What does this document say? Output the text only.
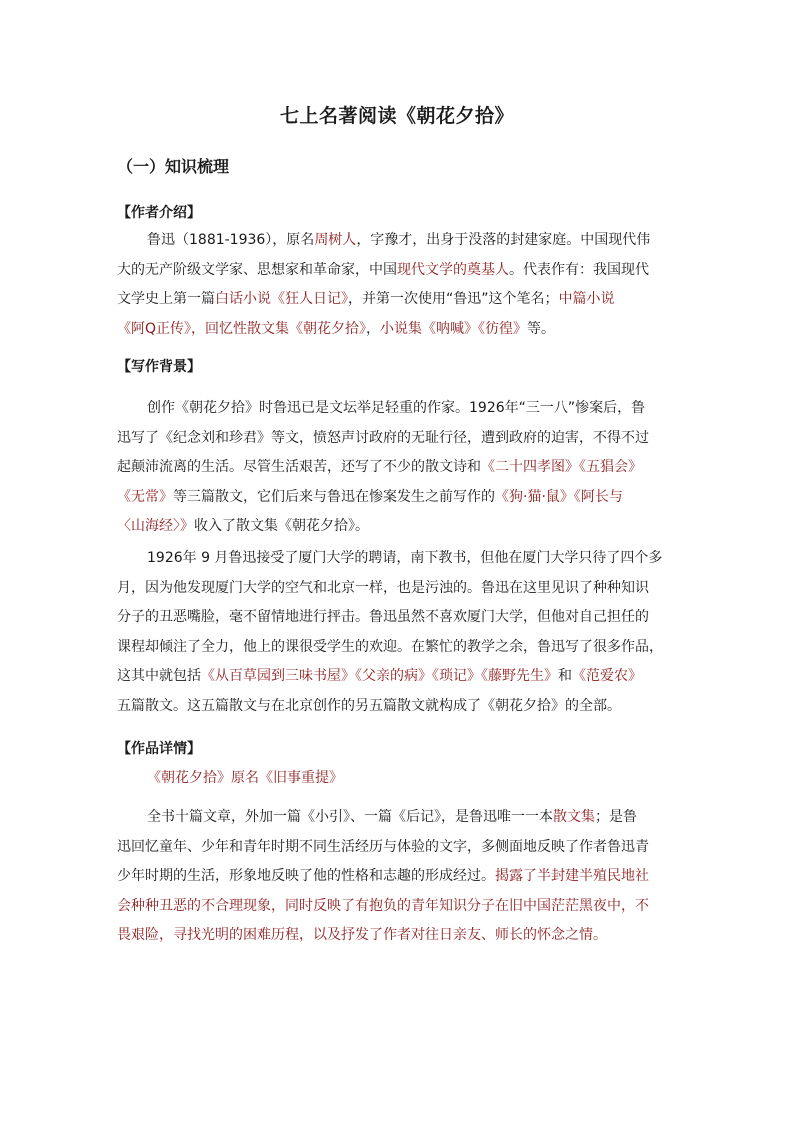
七上名著阅读《朝花夕拾》
（一）知识梳理
【作者介绍】

鲁迅（1881-1936），原名周树人，字豫才，出身于没落的封建家庭。中国现代伟
大的无产阶级文学家、思想家和革命家，中国现代文学的奠基人。代表作有：我国现代
文学史上第一篇白话小说《狂人日记》，并第一次使用“鲁迅”这个笔名；中篇小说
《阿Q正传》，回忆性散文集《朝花夕拾》，小说集《呐喊》《彷徨》等。

【写作背景】

创作《朝花夕拾》时鲁迅已是文坛举足轻重的作家。1926年“三一八”惨案后，鲁
迅写了《纪念刘和珍君》等文，愤怒声讨政府的无耻行径，遭到政府的迫害，不得不过
起颠沛流离的生活。尽管生活艰苦，还写了不少的散文诗和《二十四孝图》《五猖会》
《无常》等三篇散文，它们后来与鲁迅在惨案发生之前写作的《狗·猫·鼠》《阿长与
〈山海经〉》收入了散文集《朝花夕拾》。

1926年 9 月鲁迅接受了厦门大学的聘请，南下教书，但他在厦门大学只待了四个多
月，因为他发现厦门大学的空气和北京一样，也是污浊的。鲁迅在这里见识了种种知识
分子的丑恶嘴脸，毫不留情地进行抨击。鲁迅虽然不喜欢厦门大学，但他对自己担任的
课程却倾注了全力，他上的课很受学生的欢迎。在繁忙的教学之余，鲁迅写了很多作品，
这其中就包括《从百草园到三味书屋》《父亲的病》《琐记》《藤野先生》和《范爱农》
五篇散文。这五篇散文与在北京创作的另五篇散文就构成了《朝花夕拾》的全部。

【作品详情】
《朝花夕拾》原名《旧事重提》

全书十篇文章，外加一篇《小引》、一篇《后记》，是鲁迅唯一一本散文集；是鲁
迅回忆童年、少年和青年时期不同生活经历与体验的文字，多侧面地反映了作者鲁迅青
少年时期的生活，形象地反映了他的性格和志趣的形成经过。揭露了半封建半殖民地社
会种种丑恶的不合理现象，同时反映了有抱负的青年知识分子在旧中国茫茫黑夜中，不
畏艰险，寻找光明的困难历程，以及抒发了作者对往日亲友、师长的怀念之情。
